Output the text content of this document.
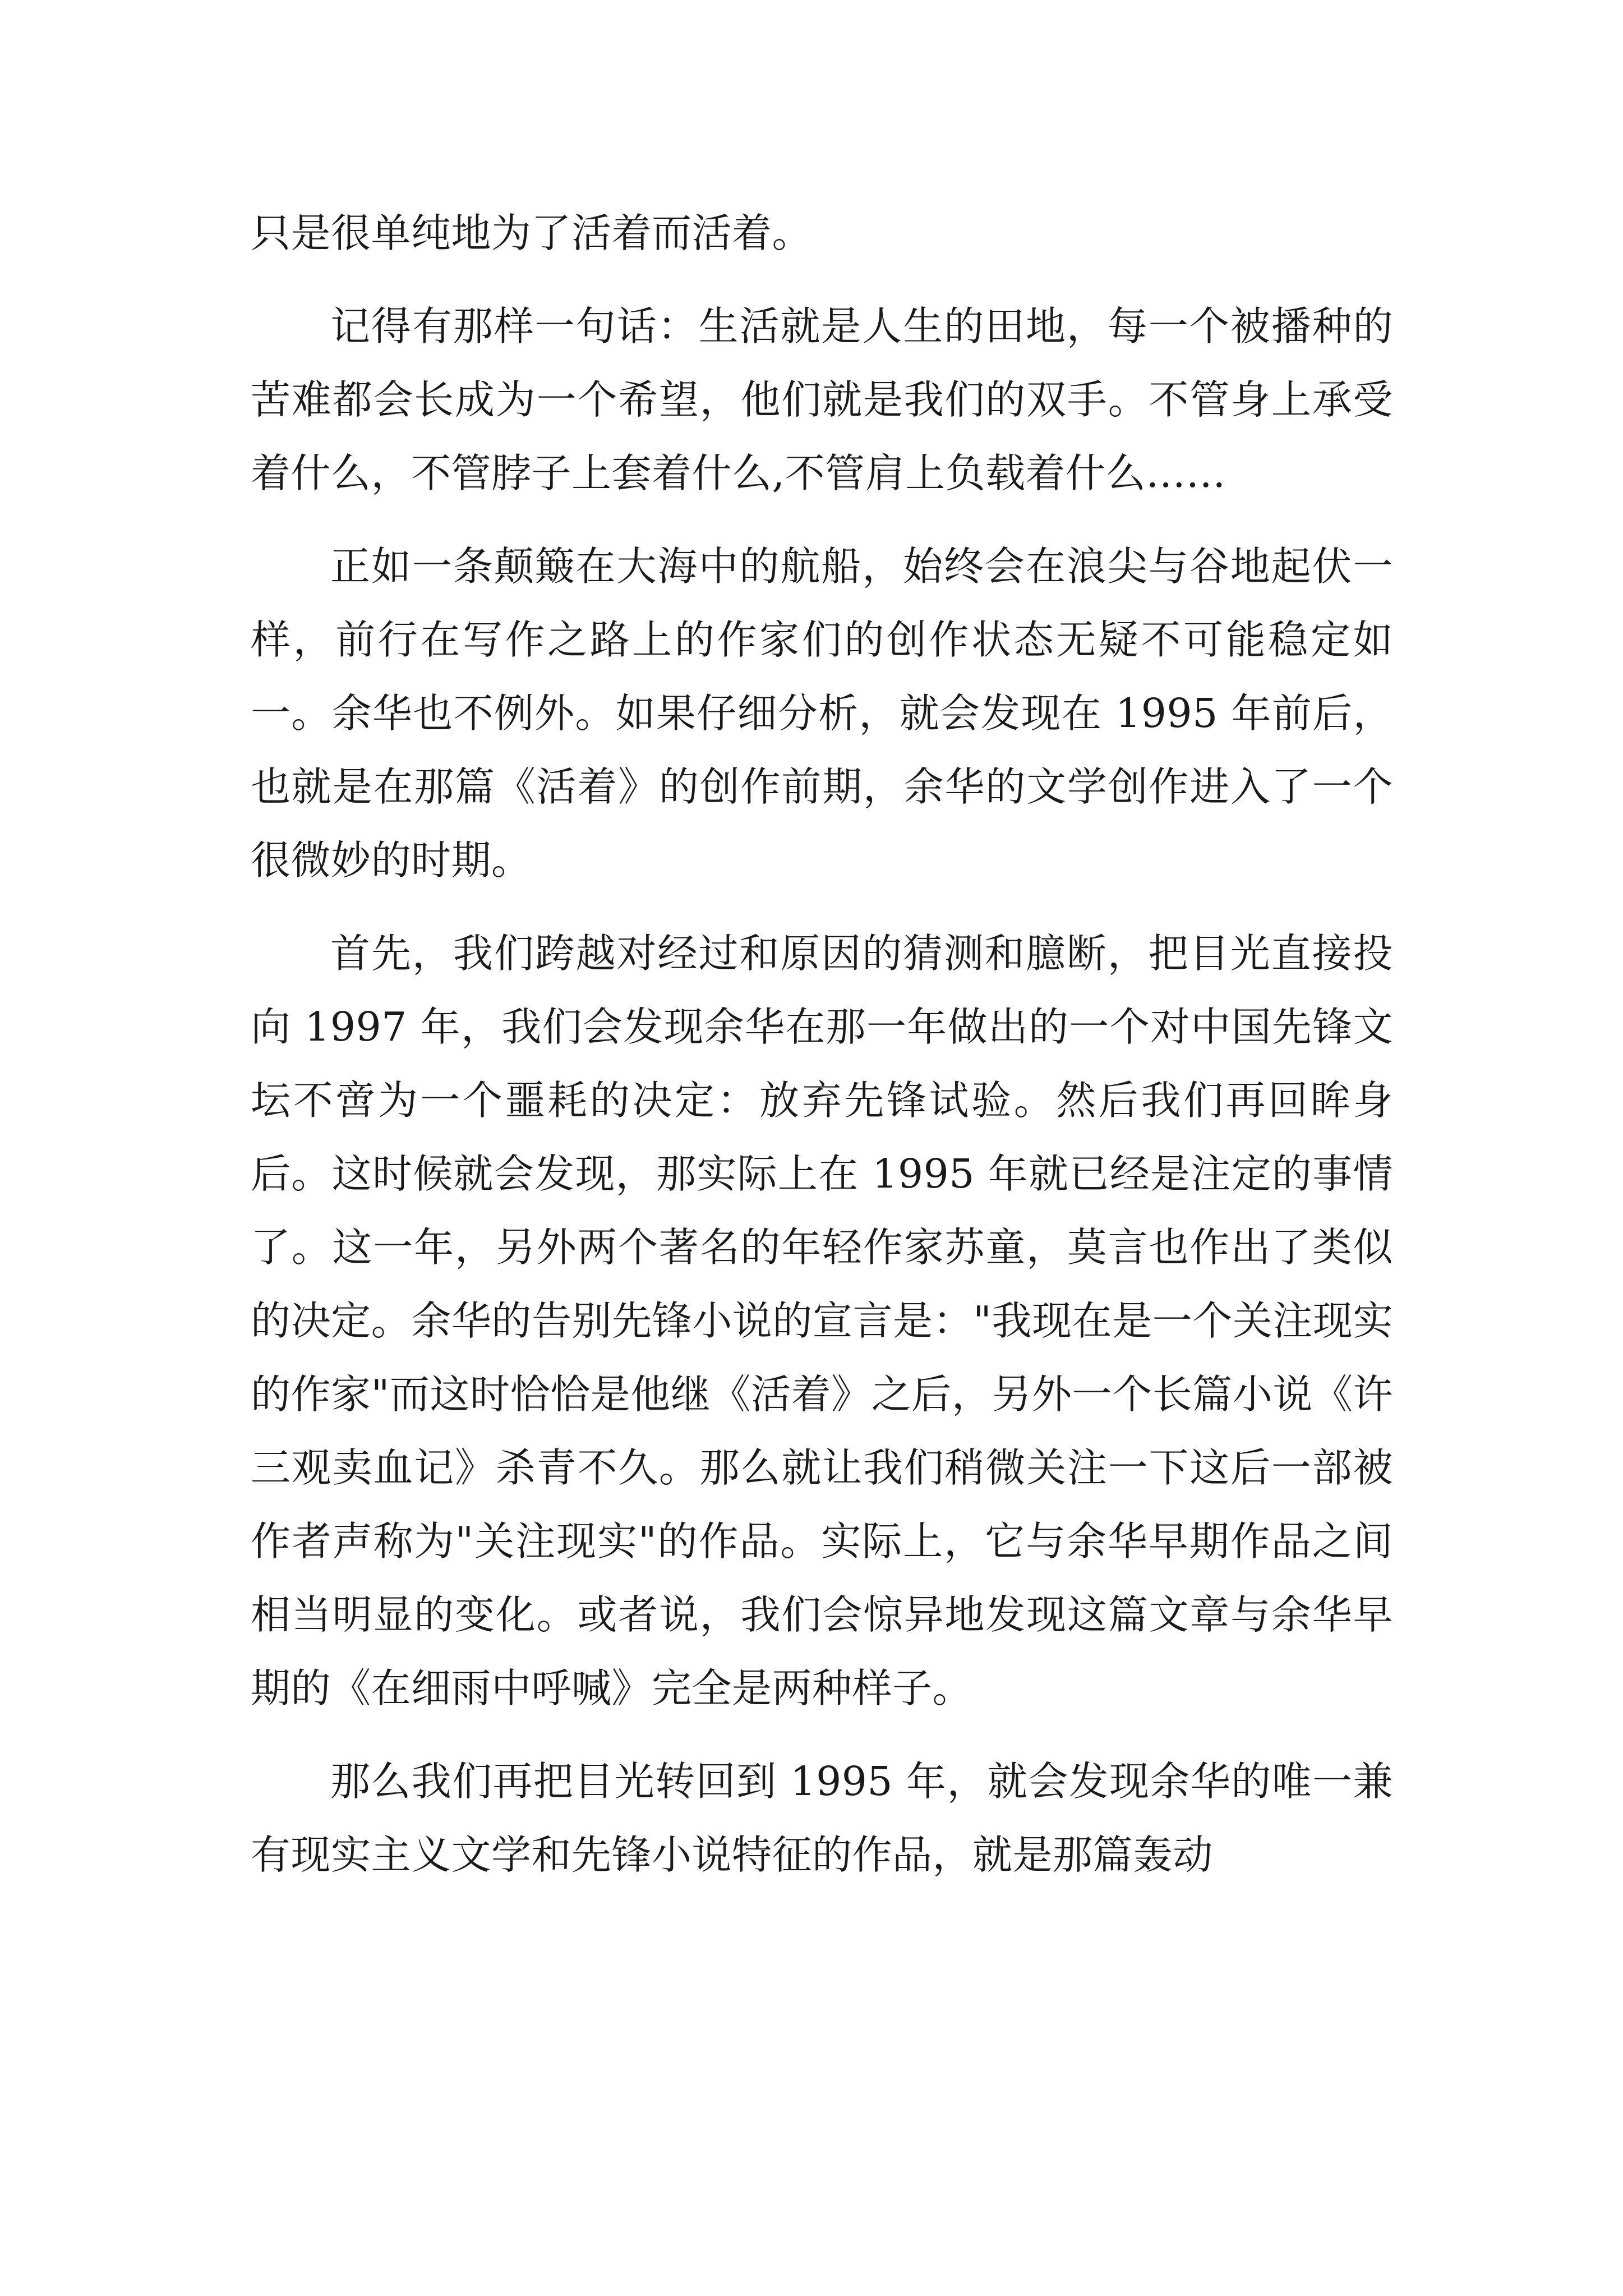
只是很单纯地为了活着而活着。

记得有那样一句话：生活就是人生的田地，每一个被播种的苦难都会长成为一个希望，他们就是我们的双手。不管身上承受着什么，不管脖子上套着什么,不管肩上负载着什么……

正如一条颠簸在大海中的航船，始终会在浪尖与谷地起伏一样，前行在写作之路上的作家们的创作状态无疑不可能稳定如一。余华也不例外。如果仔细分析，就会发现在 1995 年前后，也就是在那篇《活着》的创作前期，余华的文学创作进入了一个很微妙的时期。

首先，我们跨越对经过和原因的猜测和臆断，把目光直接投向 1997 年，我们会发现余华在那一年做出的一个对中国先锋文坛不啻为一个噩耗的决定：放弃先锋试验。然后我们再回眸身后。这时候就会发现，那实际上在 1995 年就已经是注定的事情了。这一年，另外两个著名的年轻作家苏童，莫言也作出了类似的决定。余华的告别先锋小说的宣言是："我现在是一个关注现实的作家"而这时恰恰是他继《活着》之后，另外一个长篇小说《许三观卖血记》杀青不久。那么就让我们稍微关注一下这后一部被作者声称为"关注现实"的作品。实际上，它与余华早期作品之间相当明显的变化。或者说，我们会惊异地发现这篇文章与余华早期的《在细雨中呼喊》完全是两种样子。

那么我们再把目光转回到 1995 年，就会发现余华的唯一兼有现实主义文学和先锋小说特征的作品，就是那篇轰动
